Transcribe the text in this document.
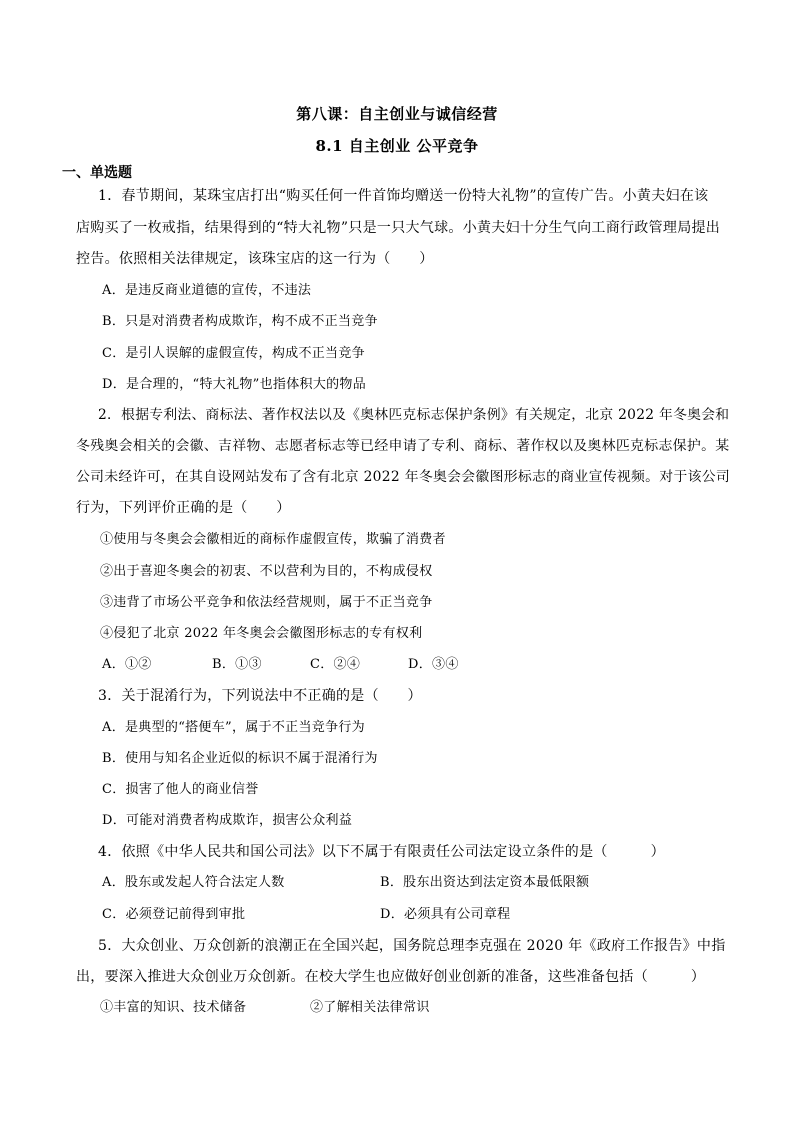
第八课：自主创业与诚信经营
8.1 自主创业 公平竞争
一、单选题
1．春节期间，某珠宝店打出“购买任何一件首饰均赠送一份特大礼物”的宣传广告。小黄夫妇在该
店购买了一枚戒指，结果得到的“特大礼物”只是一只大气球。小黄夫妇十分生气向工商行政管理局提出
控告。依照相关法律规定，该珠宝店的这一行为（　　）
A．是违反商业道德的宣传，不违法
B．只是对消费者构成欺诈，构不成不正当竞争
C．是引人误解的虚假宣传，构成不正当竞争
D．是合理的，“特大礼物”也指体积大的物品
2．根据专利法、商标法、著作权法以及《奥林匹克标志保护条例》有关规定，北京 2022 年冬奥会和
冬残奥会相关的会徽、吉祥物、志愿者标志等已经申请了专利、商标、著作权以及奥林匹克标志保护。某
公司未经许可，在其自设网站发布了含有北京 2022 年冬奥会会徽图形标志的商业宣传视频。对于该公司
行为，下列评价正确的是（　　）
①使用与冬奥会会徽相近的商标作虚假宣传，欺骗了消费者
②出于喜迎冬奥会的初衷、不以营利为目的，不构成侵权
③违背了市场公平竞争和依法经营规则，属于不正当竞争
④侵犯了北京 2022 年冬奥会会徽图形标志的专有权利
A．①②	B．①③	C．②④	D．③④
3．关于混淆行为，下列说法中不正确的是（　　）
A．是典型的“搭便车”，属于不正当竞争行为
B．使用与知名企业近似的标识不属于混淆行为
C．损害了他人的商业信誉
D．可能对消费者构成欺诈，损害公众利益
4．依照《中华人民共和国公司法》以下不属于有限责任公司法定设立条件的是（　　　）
A．股东或发起人符合法定人数	B．股东出资达到法定资本最低限额
C．必须登记前得到审批	D．必须具有公司章程
5．大众创业、万众创新的浪潮正在全国兴起，国务院总理李克强在 2020 年《政府工作报告》中指
出，要深入推进大众创业万众创新。在校大学生也应做好创业创新的准备，这些准备包括（　　　）
①丰富的知识、技术储备	②了解相关法律常识
